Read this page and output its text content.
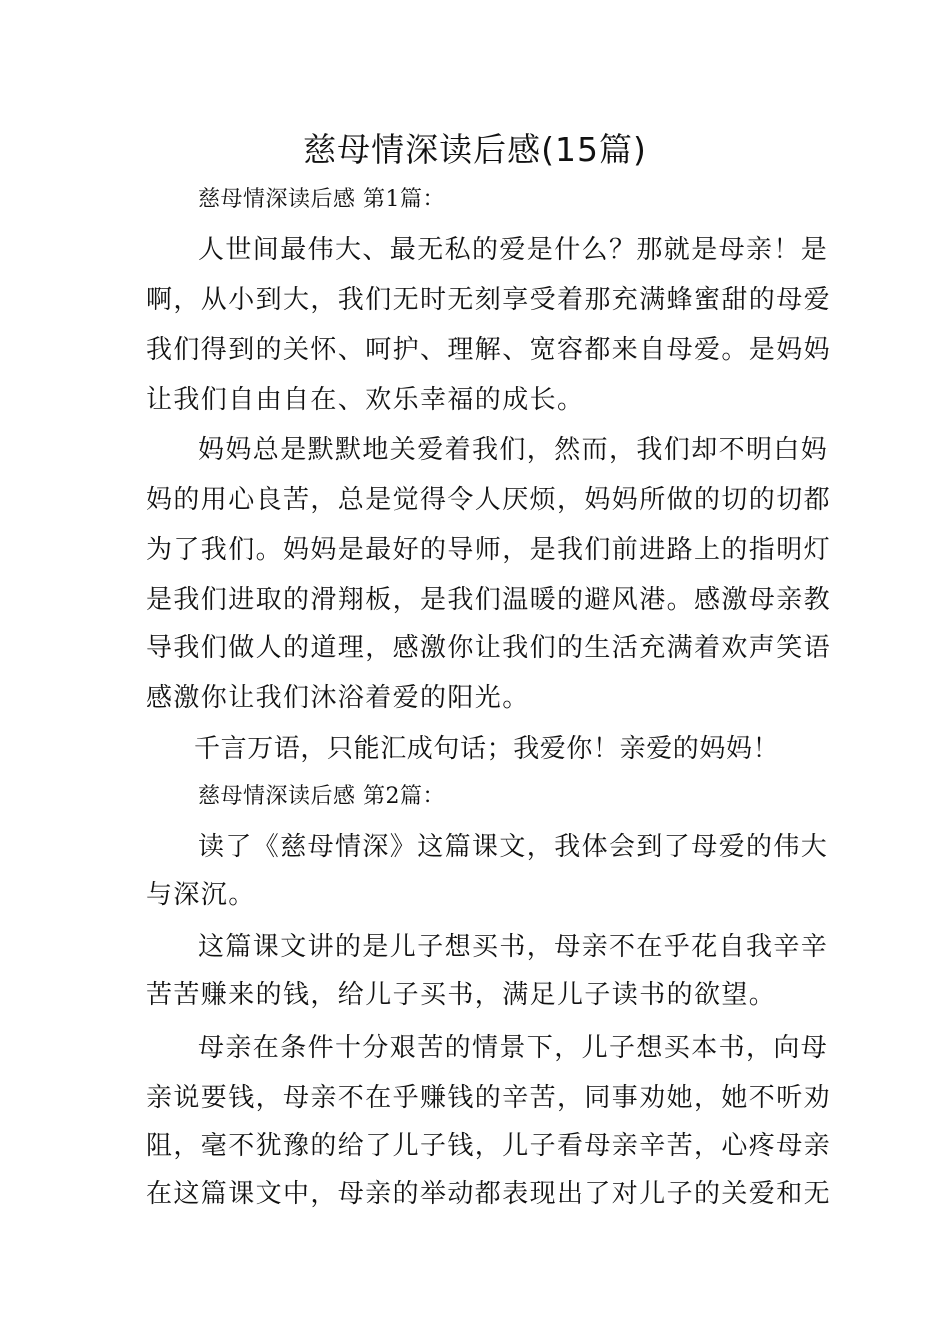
慈母情深读后感(15篇)
慈母情深读后感 第1篇：
人世间最伟大、最无私的爱是什么？那就是母亲！是
啊，从小到大，我们无时无刻享受着那充满蜂蜜甜的母爱
我们得到的关怀、呵护、理解、宽容都来自母爱。是妈妈
让我们自由自在、欢乐幸福的成长。
妈妈总是默默地关爱着我们，然而，我们却不明白妈
妈的用心良苦，总是觉得令人厌烦，妈妈所做的切的切都
为了我们。妈妈是最好的导师，是我们前进路上的指明灯
是我们进取的滑翔板，是我们温暖的避风港。感激母亲教
导我们做人的道理，感激你让我们的生活充满着欢声笑语
感激你让我们沐浴着爱的阳光。
千言万语，只能汇成句话；我爱你！亲爱的妈妈！
慈母情深读后感 第2篇：
读了《慈母情深》这篇课文，我体会到了母爱的伟大
与深沉。
这篇课文讲的是儿子想买书，母亲不在乎花自我辛辛
苦苦赚来的钱，给儿子买书，满足儿子读书的欲望。
母亲在条件十分艰苦的情景下，儿子想买本书，向母
亲说要钱，母亲不在乎赚钱的辛苦，同事劝她，她不听劝
阻，毫不犹豫的给了儿子钱，儿子看母亲辛苦，心疼母亲
在这篇课文中，母亲的举动都表现出了对儿子的关爱和无
